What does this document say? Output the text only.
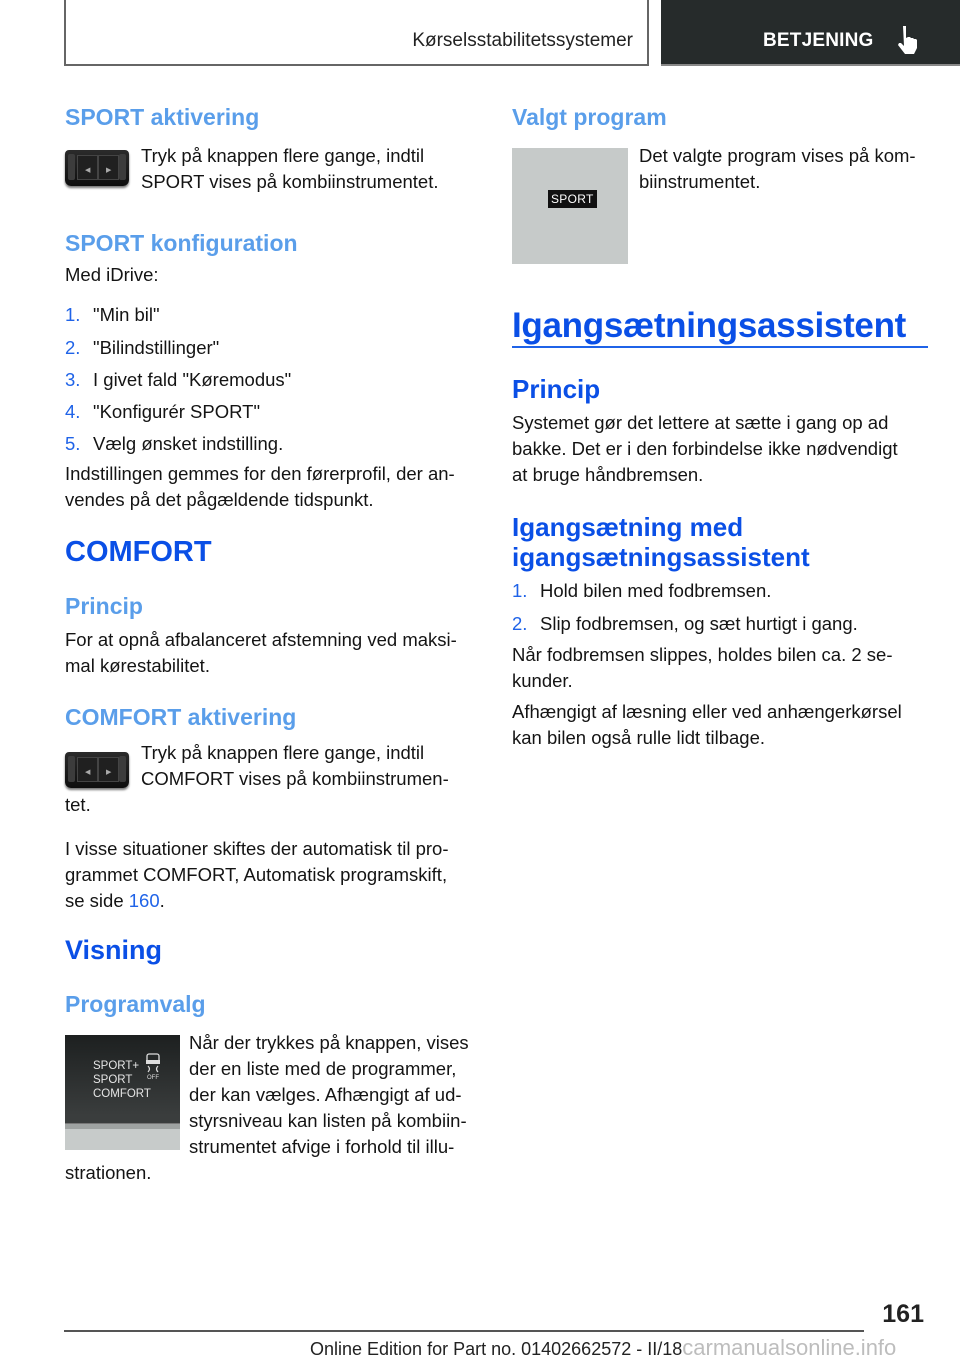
Kørselsstabilitetssystemer	BETJENING
SPORT aktivering
◀ ▶
Tryk på knappen flere gange, indtil
SPORT vises på kombiinstrumentet.
SPORT konfiguration
Med iDrive:
1. "Min bil"
2. "Bilindstillinger"
3. I givet fald "Køremodus"
4. "Konfigurér SPORT"
5. Vælg ønsket indstilling.
Indstillingen gemmes for den førerprofil, der an-
vendes på det pågældende tidspunkt.
COMFORT
Princip
For at opnå afbalanceret afstemning ved maksi-
mal kørestabilitet.
COMFORT aktivering
◀ ▶
Tryk på knappen flere gange, indtil
COMFORT vises på kombiinstrumen-
tet.
I visse situationer skiftes der automatisk til pro-
grammet COMFORT, Automatisk programskift,
se side 160.
Visning
Programvalg
SPORT+
SPORT
COMFORT
OFF
Når der trykkes på knappen, vises
der en liste med de programmer,
der kan vælges. Afhængigt af ud-
styrsniveau kan listen på kombiin-
strumentet afvige i forhold til illu-
strationen.
Valgt program
SPORT
Det valgte program vises på kom-
biinstrumentet.
Igangsætningsassistent
Princip
Systemet gør det lettere at sætte i gang op ad
bakke. Det er i den forbindelse ikke nødvendigt
at bruge håndbremsen.
Igangsætning med
igangsætningsassistent
1. Hold bilen med fodbremsen.
2. Slip fodbremsen, og sæt hurtigt i gang.
Når fodbremsen slippes, holdes bilen ca. 2 se-
kunder.
Afhængigt af læsning eller ved anhængerkørsel
kan bilen også rulle lidt tilbage.
161
Online Edition for Part no. 01402662572 - II/18carmanualsonline.info
